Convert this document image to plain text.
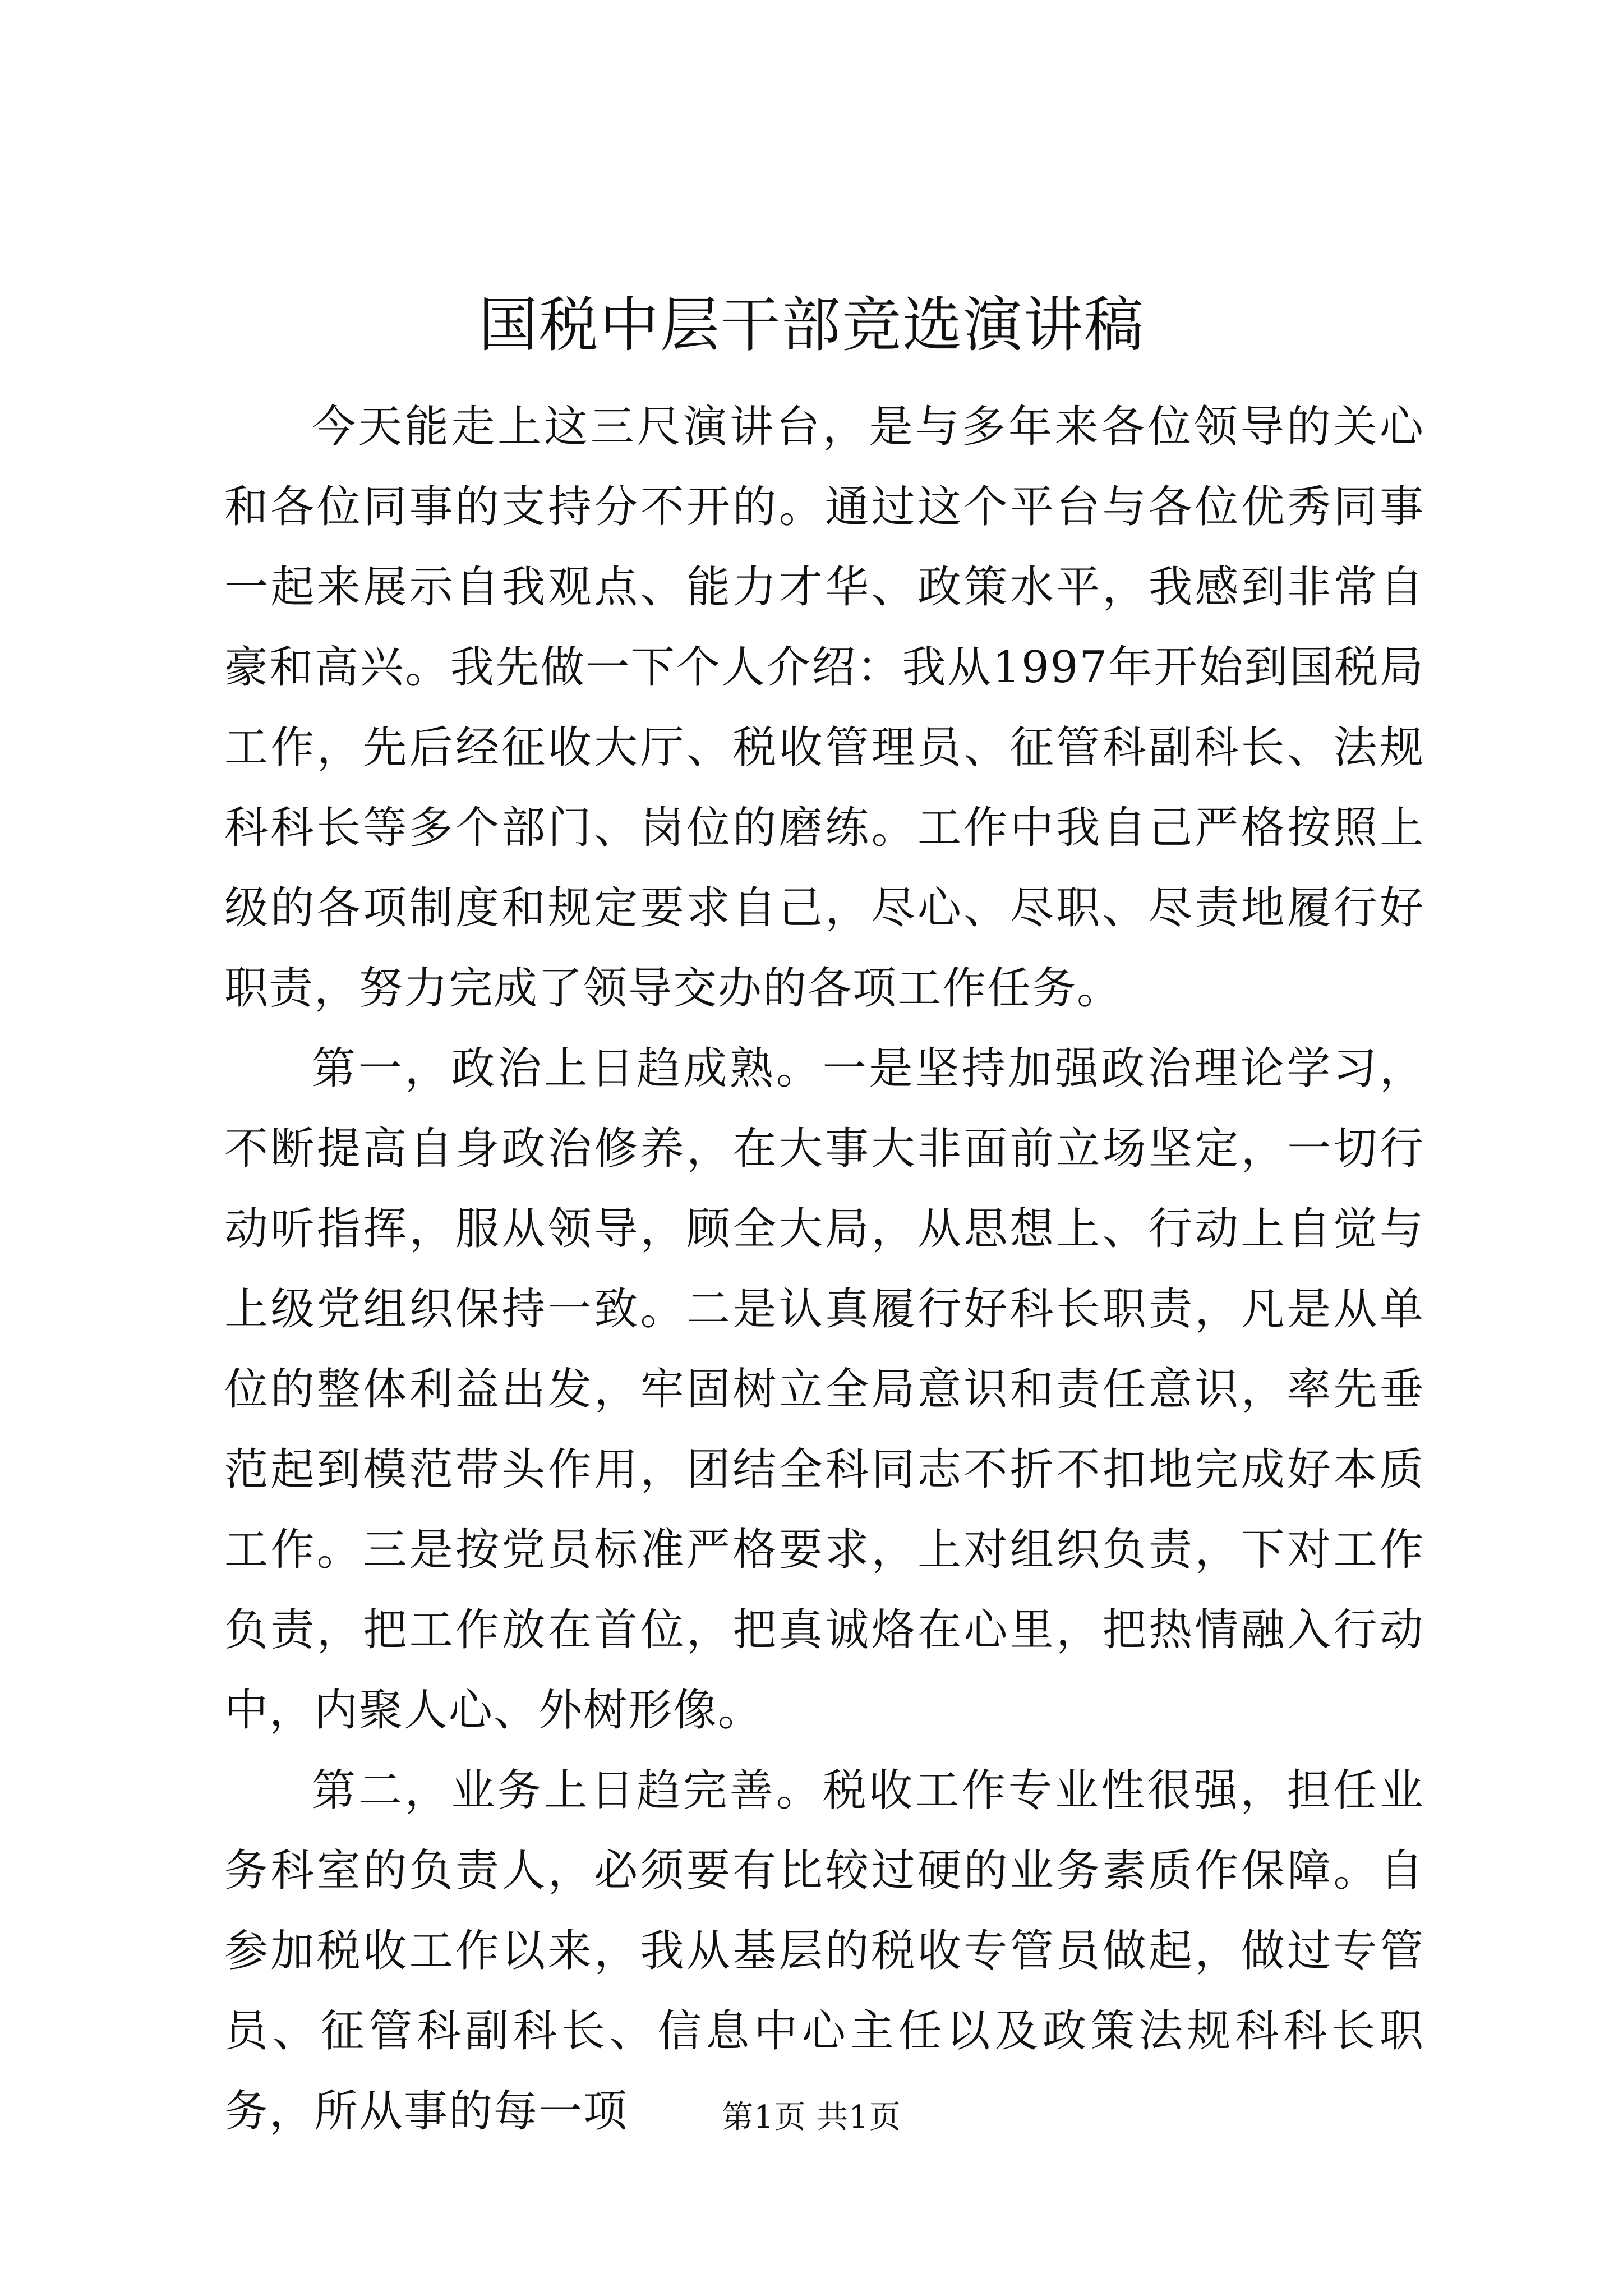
国税中层干部竞选演讲稿

今天能走上这三尺演讲台，是与多年来各位领导的关心和各位同事的支持分不开的。通过这个平台与各位优秀同事一起来展示自我观点、能力才华、政策水平，我感到非常自豪和高兴。我先做一下个人介绍：我从1997年开始到国税局工作，先后经征收大厅、税收管理员、征管科副科长、法规科科长等多个部门、岗位的磨练。工作中我自己严格按照上级的各项制度和规定要求自己，尽心、尽职、尽责地履行好职责，努力完成了领导交办的各项工作任务。

第一，政治上日趋成熟。一是坚持加强政治理论学习，不断提高自身政治修养，在大事大非面前立场坚定，一切行动听指挥，服从领导，顾全大局，从思想上、行动上自觉与上级党组织保持一致。二是认真履行好科长职责，凡是从单位的整体利益出发，牢固树立全局意识和责任意识，率先垂范起到模范带头作用，团结全科同志不折不扣地完成好本质工作。三是按党员标准严格要求，上对组织负责，下对工作负责，把工作放在首位，把真诚烙在心里，把热情融入行动中，内聚人心、外树形像。

第二，业务上日趋完善。税收工作专业性很强，担任业务科室的负责人，必须要有比较过硬的业务素质作保障。自参加税收工作以来，我从基层的税收专管员做起，做过专管员、征管科副科长、信息中心主任以及政策法规科科长职务，所从事的每一项	第1页 共1页
